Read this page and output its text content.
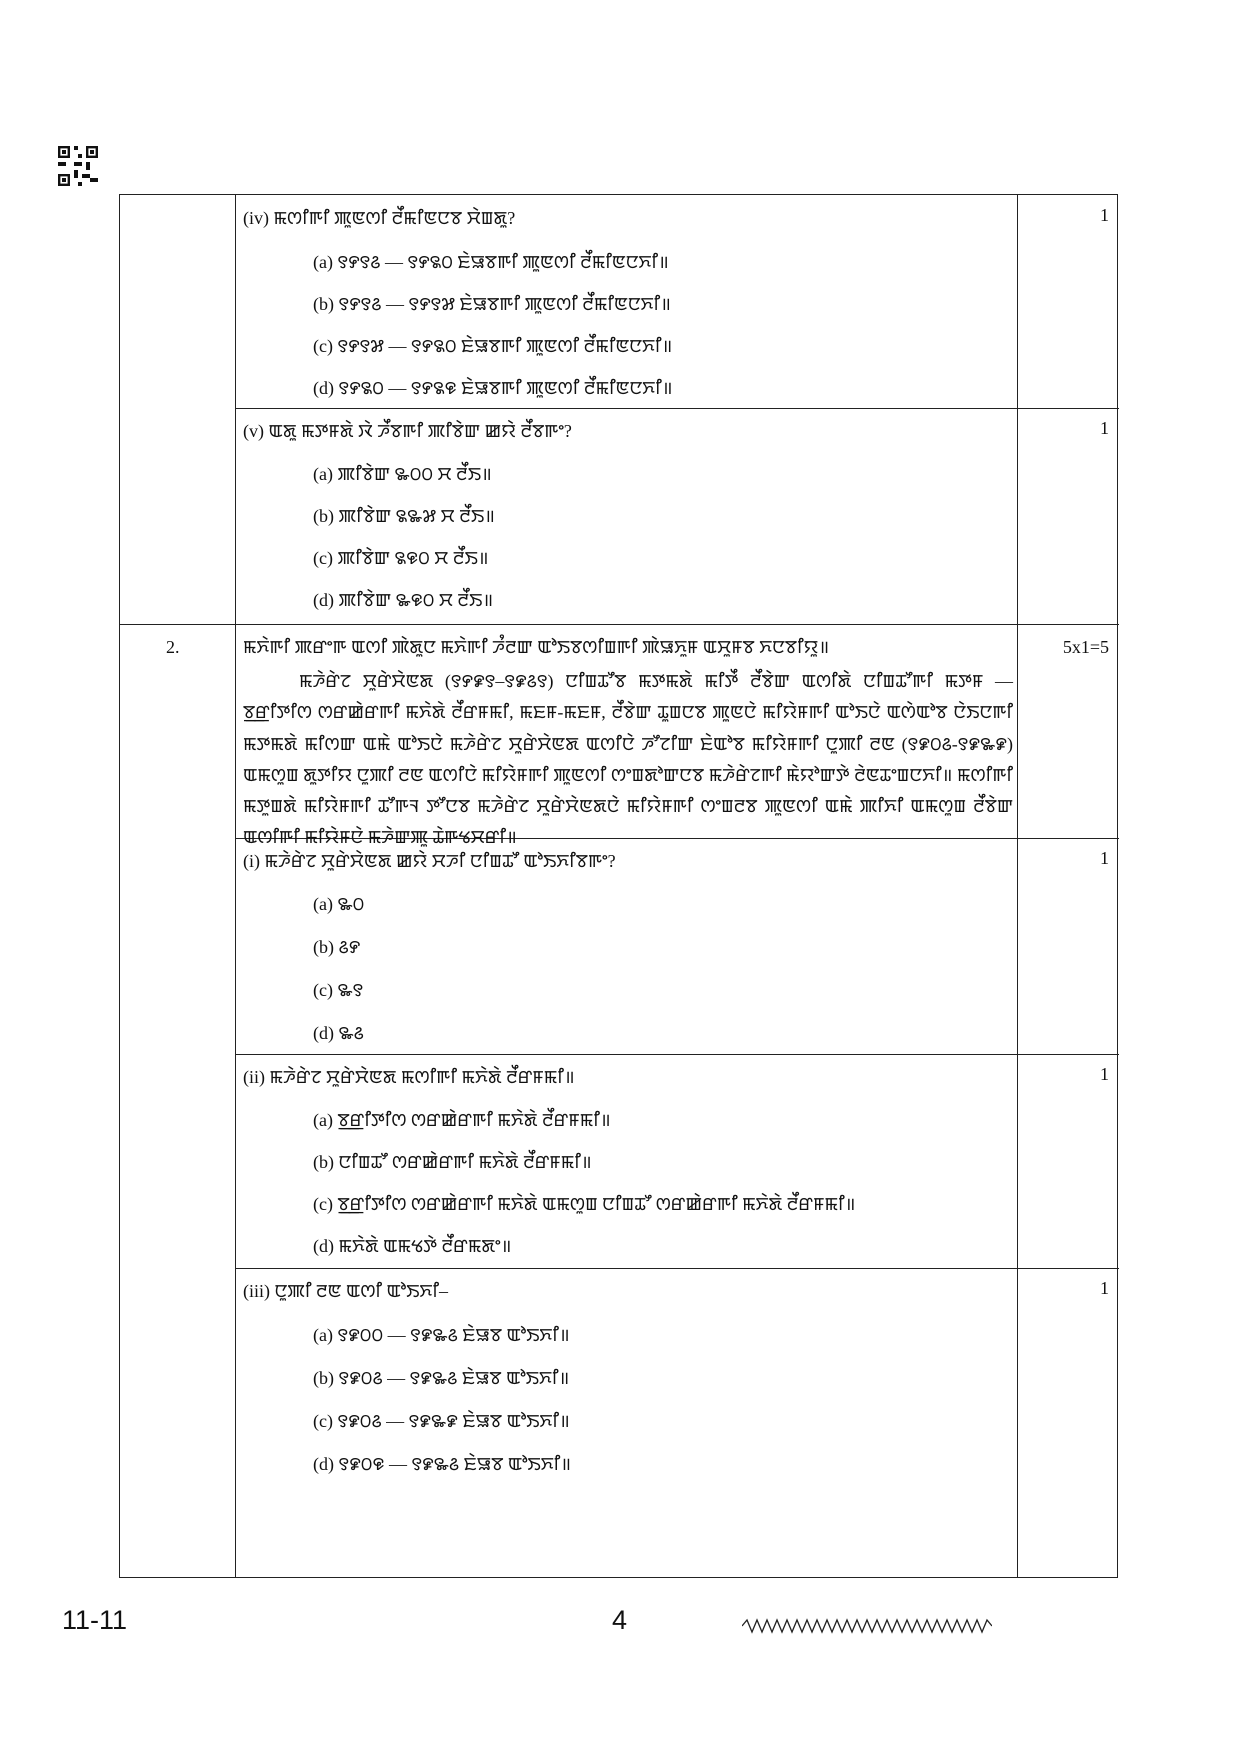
(iv) ꯃꯁꯤꯒꯤ ꯄꯨꯟꯁꯤ ꯂꯩꯃꯤꯟꯅꯕ ꯆꯥꯡꯗꯨ?
(a) ꯱꯸꯱꯴ — ꯱꯸꯲꯰ ꯐꯥꯎꯕꯒꯤ ꯄꯨꯟꯁꯤ ꯂꯩꯃꯤꯟꯅꯈꯤ॥
(b) ꯱꯸꯱꯴ — ꯱꯸꯱꯷ ꯐꯥꯎꯕꯒꯤ ꯄꯨꯟꯁꯤ ꯂꯩꯃꯤꯟꯅꯈꯤ॥
(c) ꯱꯸꯱꯷ — ꯱꯸꯲꯰ ꯐꯥꯎꯕꯒꯤ ꯄꯨꯟꯁꯤ ꯂꯩꯃꯤꯟꯅꯈꯤ॥
(d) ꯱꯸꯲꯰ — ꯱꯸꯲꯶ ꯐꯥꯎꯕꯒꯤ ꯄꯨꯟꯁꯤ ꯂꯩꯃꯤꯟꯅꯈꯤ॥
1
(v) ꯑꯗꯨ ꯃꯇꯝꯗꯥ ꯋꯥ ꯍꯩꯕꯒꯤ ꯄꯤꯕꯥꯛ ꯀꯌꯥ ꯂꯩꯕꯒꯦ?
(a) ꯄꯤꯕꯥꯛ ꯳꯰꯰ ꯆ ꯂꯩꯏ॥
(b) ꯄꯤꯕꯥꯛ ꯲꯳꯷ ꯆ ꯂꯩꯏ॥
(c) ꯄꯤꯕꯥꯛ ꯲꯶꯰ ꯆ ꯂꯩꯏ॥
(d) ꯄꯤꯕꯥꯛ ꯳꯶꯰ ꯆ ꯂꯩꯏ॥
1
2.	ꯃꯈꯥꯒꯤ ꯄꯔꯦꯒ ꯑꯁꯤ ꯄꯥꯗꯨꯅ ꯃꯈꯥꯒꯤ ꯍꯪꯂꯛ ꯑꯣꯏꯕꯁꯤꯡꯒꯤ ꯄꯥꯎꯈꯨꯝ ꯑꯆꯨꯝꯕ ꯈꯅꯕꯤꯌꯨ॥
ꯃꯍꯥꯔꯥꯖ ꯆꯨꯔꯥꯆꯥꯟꯗ (꯱꯸꯹꯱–꯱꯹꯴꯱) ꯅꯤꯡꯊꯧꯕ ꯃꯇꯃꯗꯥ ꯃꯤꯇꯩ ꯂꯩꯕꯥꯛ ꯑꯁꯤꯗꯥ ꯅꯤꯡꯊꯧꯒꯤ ꯃꯇꯝ — ꯕ꯭ꯔꯤꯇꯤꯁ ꯁꯔꯀꯥꯔꯒꯤ ꯃꯈꯥꯗꯥ ꯂꯩꯔꯝꯃꯤ, ꯃꯐꯝ-ꯃꯐꯝ, ꯂꯩꯕꯥꯛ ꯊꯨꯡꯅꯕ ꯄꯨꯟꯅꯥ ꯃꯤꯌꯥꯝꯒꯤ ꯑꯣꯏꯅꯥ ꯑꯁꯥꯑꯣꯕ ꯅꯥꯏꯅꯒꯤ ꯃꯇꯃꯗꯥ ꯃꯤꯁꯛ ꯑꯃꯥ ꯑꯣꯏꯅꯥ ꯃꯍꯥꯔꯥꯖ ꯆꯨꯔꯥꯆꯥꯟꯗ ꯑꯁꯤꯅꯥ ꯍꯧꯖꯤꯛ ꯐꯥꯑꯣꯕ ꯃꯤꯌꯥꯝꯒꯤ ꯅꯨꯄꯤ ꯂꯟ (꯱꯹꯰꯴-꯱꯹꯳꯹) ꯑꯃꯁꯨꯡ ꯗꯨꯇꯤꯌ ꯅꯨꯄꯤ ꯂꯟ ꯑꯁꯤꯅꯥ ꯃꯤꯌꯥꯝꯒꯤ ꯄꯨꯟꯁꯤ ꯁꯦꯡꯗꯣꯛꯅꯕ ꯃꯍꯥꯔꯥꯖꯒꯤ ꯃꯥꯌꯣꯛꯇꯥ ꯂꯥꯟꯊꯦꯡꯅꯈꯤ॥ ꯃꯁꯤꯒꯤ ꯃꯇꯨꯡꯗꯥ ꯃꯤꯌꯥꯝꯒꯤ ꯊꯧꯒꯜ ꯇꯧꯅꯕ ꯃꯍꯥꯔꯥꯖ ꯆꯨꯔꯥꯆꯥꯟꯗꯅꯥ ꯃꯤꯌꯥꯝꯒꯤ ꯁꯦꯡꯂꯕ ꯄꯨꯟꯁꯤ ꯑꯃꯥ ꯄꯤꯈꯤ ꯑꯃꯁꯨꯡ ꯂꯩꯕꯥꯛ ꯑꯁꯤꯒꯤ ꯃꯤꯌꯥꯝꯅꯥ ꯃꯍꯥꯛꯄꯨ ꯊꯥꯒꯠꯆꯔꯤ॥
5x1=5
(i) ꯃꯍꯥꯔꯥꯖ ꯆꯨꯔꯥꯆꯥꯟꯗ ꯀꯌꯥ ꯆꯍꯤ ꯅꯤꯡꯊꯧ ꯑꯣꯏꯈꯤꯕꯒꯦ?
(a) ꯳꯰
(b) ꯴꯸
(c) ꯳꯱
(d) ꯳꯴
1
(ii) ꯃꯍꯥꯔꯥꯖ ꯆꯨꯔꯥꯆꯥꯟꯗ ꯃꯁꯤꯒꯤ ꯃꯈꯥꯗꯥ ꯂꯩꯔꯝꯃꯤ॥
(a) ꯕ꯭ꯔꯤꯇꯤꯁ ꯁꯔꯀꯥꯔꯒꯤ ꯃꯈꯥꯗꯥ ꯂꯩꯔꯝꯃꯤ॥
(b) ꯅꯤꯡꯊꯧ ꯁꯔꯀꯥꯔꯒꯤ ꯃꯈꯥꯗꯥ ꯂꯩꯔꯝꯃꯤ॥
(c) ꯕ꯭ꯔꯤꯇꯤꯁ ꯁꯔꯀꯥꯔꯒꯤ ꯃꯈꯥꯗꯥ ꯑꯃꯁꯨꯡ ꯅꯤꯡꯊꯧ ꯁꯔꯀꯥꯔꯒꯤ ꯃꯈꯥꯗꯥ ꯂꯩꯔꯝꯃꯤ॥
(d) ꯃꯈꯥꯗꯥ ꯑꯃꯠꯇꯥ ꯂꯩꯔꯃꯗꯦ॥
1
(iii) ꯅꯨꯄꯤ ꯂꯟ ꯑꯁꯤ ꯑꯣꯏꯈꯤ–
(a) ꯱꯹꯰꯰ — ꯱꯹꯳꯴ ꯐꯥꯎꯕ ꯑꯣꯏꯈꯤ॥
(b) ꯱꯹꯰꯴ — ꯱꯹꯳꯴ ꯐꯥꯎꯕ ꯑꯣꯏꯈꯤ॥
(c) ꯱꯹꯰꯴ — ꯱꯹꯳꯹ ꯐꯥꯎꯕ ꯑꯣꯏꯈꯤ॥
(d) ꯱꯹꯰꯶ — ꯱꯹꯳꯴ ꯐꯥꯎꯕ ꯑꯣꯏꯈꯤ॥
1
11-11	4
